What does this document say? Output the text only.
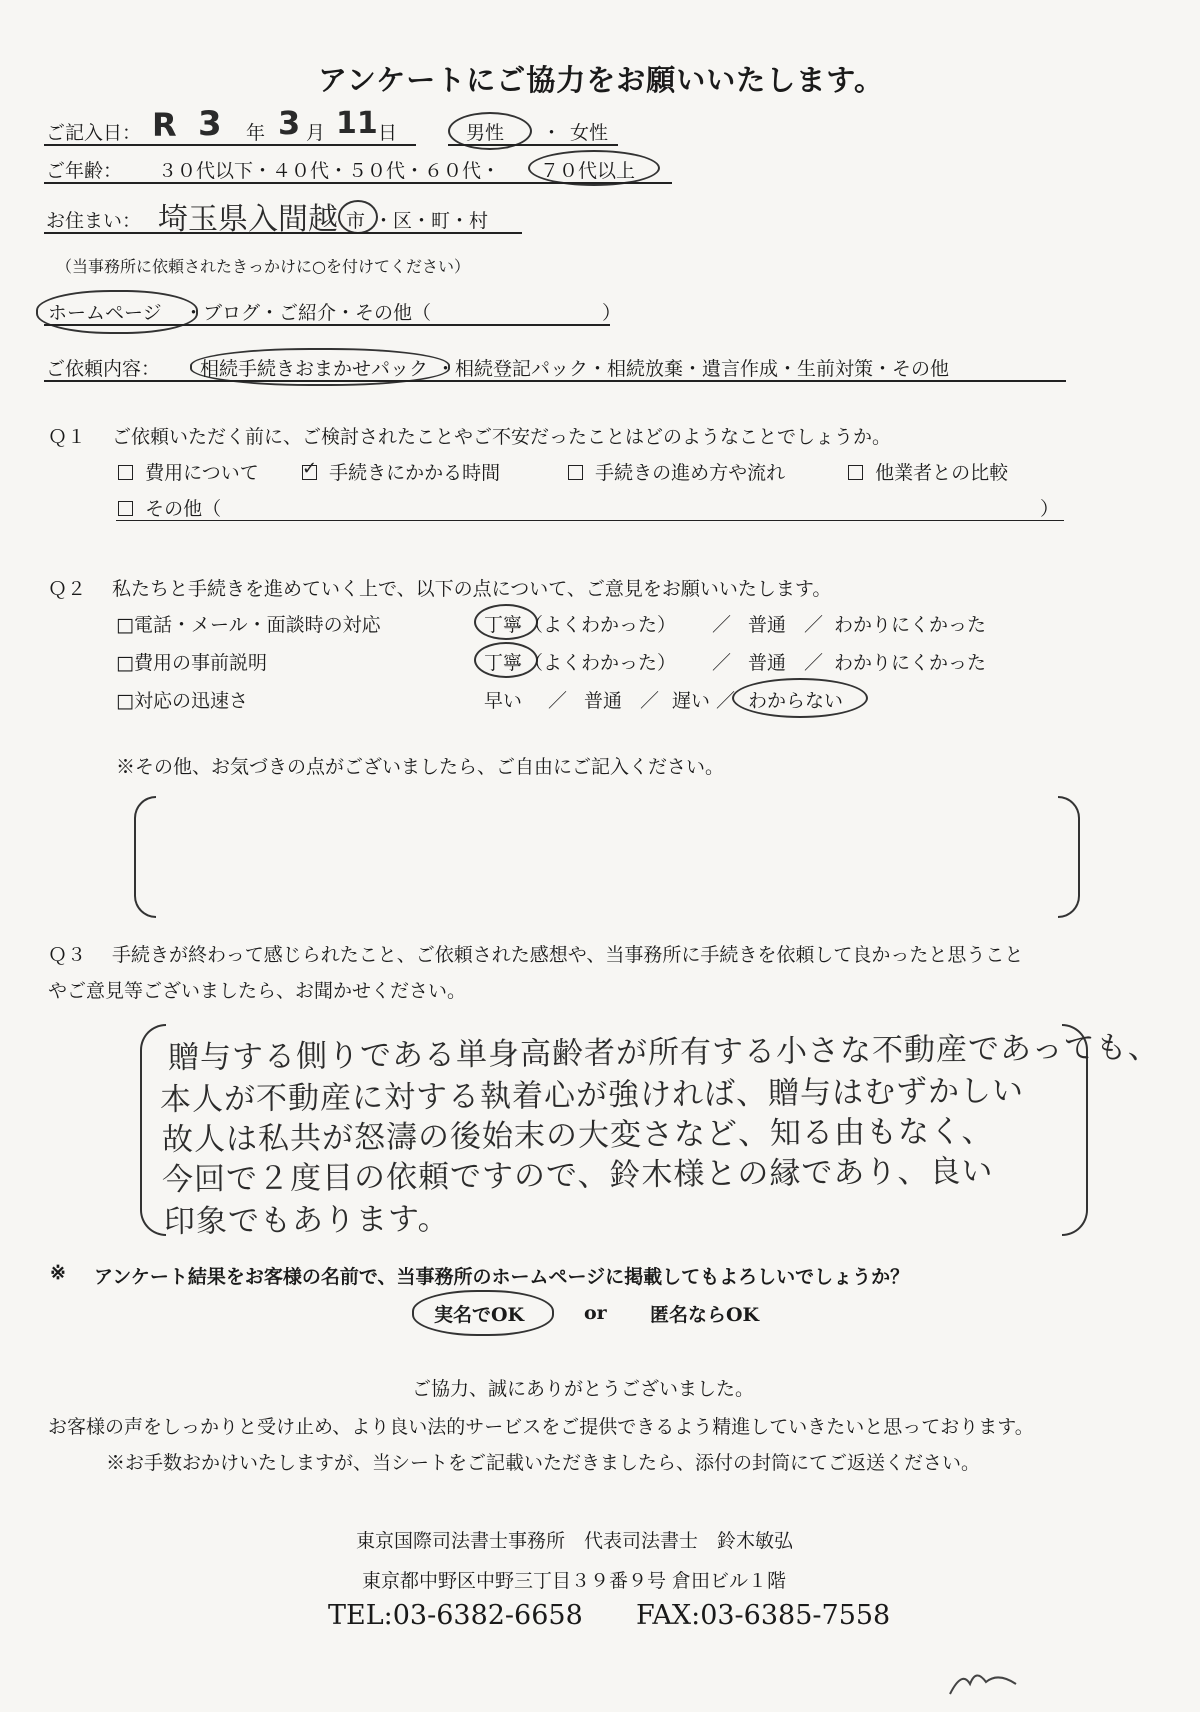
アンケートにご協力をお願いいたします。
ご記入日： R 3 年 3 月 11 日	男性 ・ 女性
ご年齢： ３０代以下・４０代・５０代・６０代・ ７０代以上
お住まい： 埼玉県入間越 市 ・区・町・村
（当事務所に依頼されたきっかけに○を付けてください）
ホームページ ・ブログ・ご紹介・その他（　　　　　　　　　）
ご依頼内容： 相続手続きおまかせパック ・相続登記パック・相続放棄・遺言作成・生前対策・その他
Ｑ１ ご依頼いただく前に、ご検討されたことやご不安だったことはどのようなことでしょうか。
費用について ✓ 手続きにかかる時間	手続きの進め方や流れ	他業者との比較
その他（	）
Ｑ２ 私たちと手続きを進めていく上で、以下の点について、ご意見をお願いいたします。
□電話・メール・面談時の対応	丁寧 （よくわかった） ／ 普通 ／ わかりにくかった
□費用の事前説明	丁寧 （よくわかった） ／ 普通 ／ わかりにくかった
□対応の迅速さ	早い ／ 普通 ／ 遅い ／ わからない
※その他、お気づきの点がございましたら、ご自由にご記入ください。
Ｑ３ 手続きが終わって感じられたこと、ご依頼された感想や、当事務所に手続きを依頼して良かったと思うこと
やご意見等ございましたら、お聞かせください。
贈与する側りである単身高齢者が所有する小さな不動産であっても、
本人が不動産に対する執着心が強ければ、贈与はむずかしい
故人は私共が怒濤の後始末の大変さなど、知る由もなく、
今回で２度目の依頼ですので、鈴木様との縁であり、良い
印象でもあります。
※ アンケート結果をお客様の名前で、当事務所のホームページに掲載してもよろしいでしょうか？
実名でOK	or 匿名ならOK
ご協力、誠にありがとうございました。
お客様の声をしっかりと受け止め、より良い法的サービスをご提供できるよう精進していきたいと思っております。
※お手数おかけいたしますが、当シートをご記載いただきましたら、添付の封筒にてご返送ください。
東京国際司法書士事務所　代表司法書士　鈴木敏弘
東京都中野区中野三丁目３９番９号 倉田ビル１階
TEL:03-6382-6658 FAX:03-6385-7558
